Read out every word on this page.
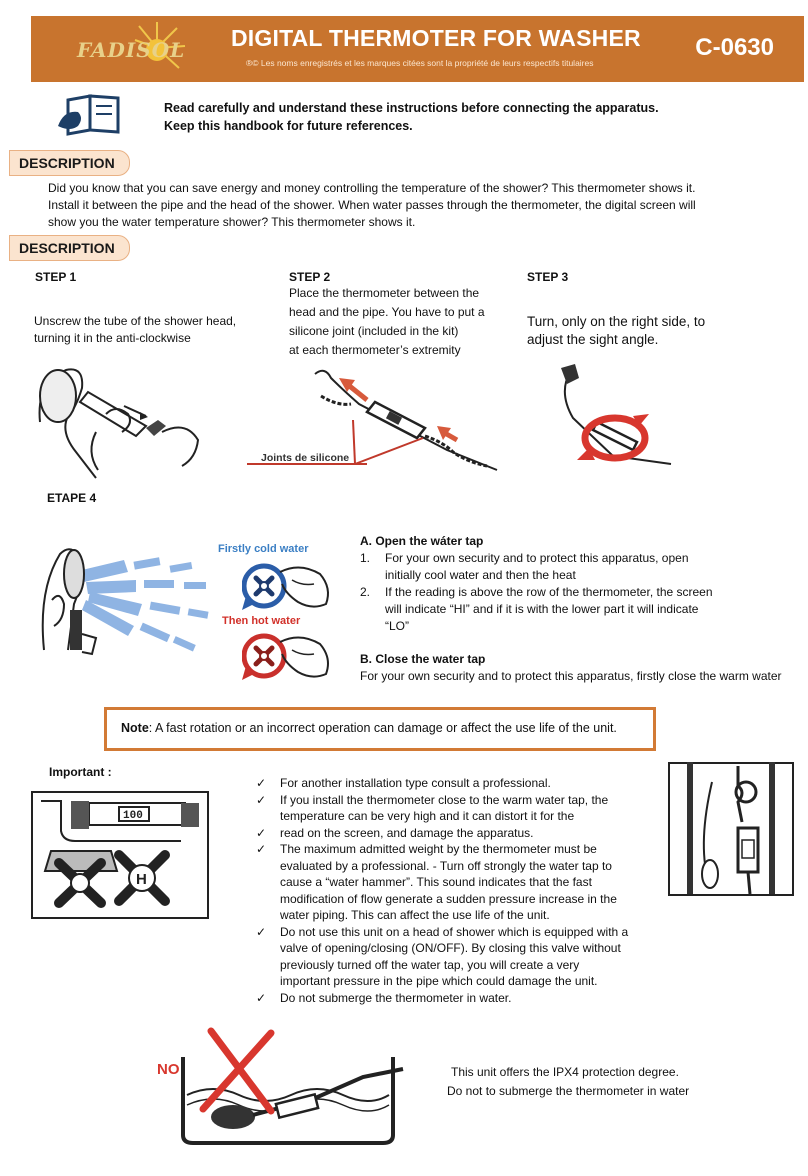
FADISOL DIGITAL THERMOTER FOR WASHER
®© Les noms enregistrés et les marques citées sont la propriété de leurs respectifs titulaires
C-0630
Read carefully and understand these instructions before connecting the apparatus.
Keep this handbook for future references.
DESCRIPTION
Did you know that you can save energy and money controlling the temperature of the shower? This thermometer shows it.
Install it between the pipe and the head of the shower. When water passes through the thermometer, the digital screen will
show you the water temperature shower? This thermometer shows it.
DESCRIPTION
STEP 1
Unscrew the tube of the shower head,
turning it in the anti-clockwise
STEP 2
Place the thermometer between the
head and the pipe. You have to put a
silicone joint (included in the kit)
at each thermometer’s extremity
STEP 3
Turn, only on the right side, to
adjust the sight angle.
Joints de silicone
ETAPE 4
Firstly cold water
Then hot water
A. Open the wáter tap
1. For your own security and to protect this apparatus, open
initially cool water and then the heat
2. If the reading is above the row of the thermometer, the screen
will indicate “HI” and if it is with the lower part it will indicate
“LO”
B. Close the water tap
For your own security and to protect this apparatus, firstly close the warm water
Note: A fast rotation or an incorrect operation can damage or affect the use life of the unit.
Important :
100
H
✓ For another installation type consult a professional.
✓ If you install the thermometer close to the warm water tap, the
temperature can be very high and it can distort it for the
✓ read on the screen, and damage the apparatus.
✓ The maximum admitted weight by the thermometer must be
evaluated by a professional. - Turn off strongly the water tap to
cause a “water hammer”. This sound indicates that the fast
modification of flow generate a sudden pressure increase in the
water piping. This can affect the use life of the unit.
✓ Do not use this unit on a head of shower which is equipped with a
valve of opening/closing (ON/OFF). By closing this valve without
previously turned off the water tap, you will create a very
important pressure in the pipe which could damage the unit.
✓ Do not submerge the thermometer in water.
NO	This unit offers the IPX4 protection degree.
Do not to submerge the thermometer in water
